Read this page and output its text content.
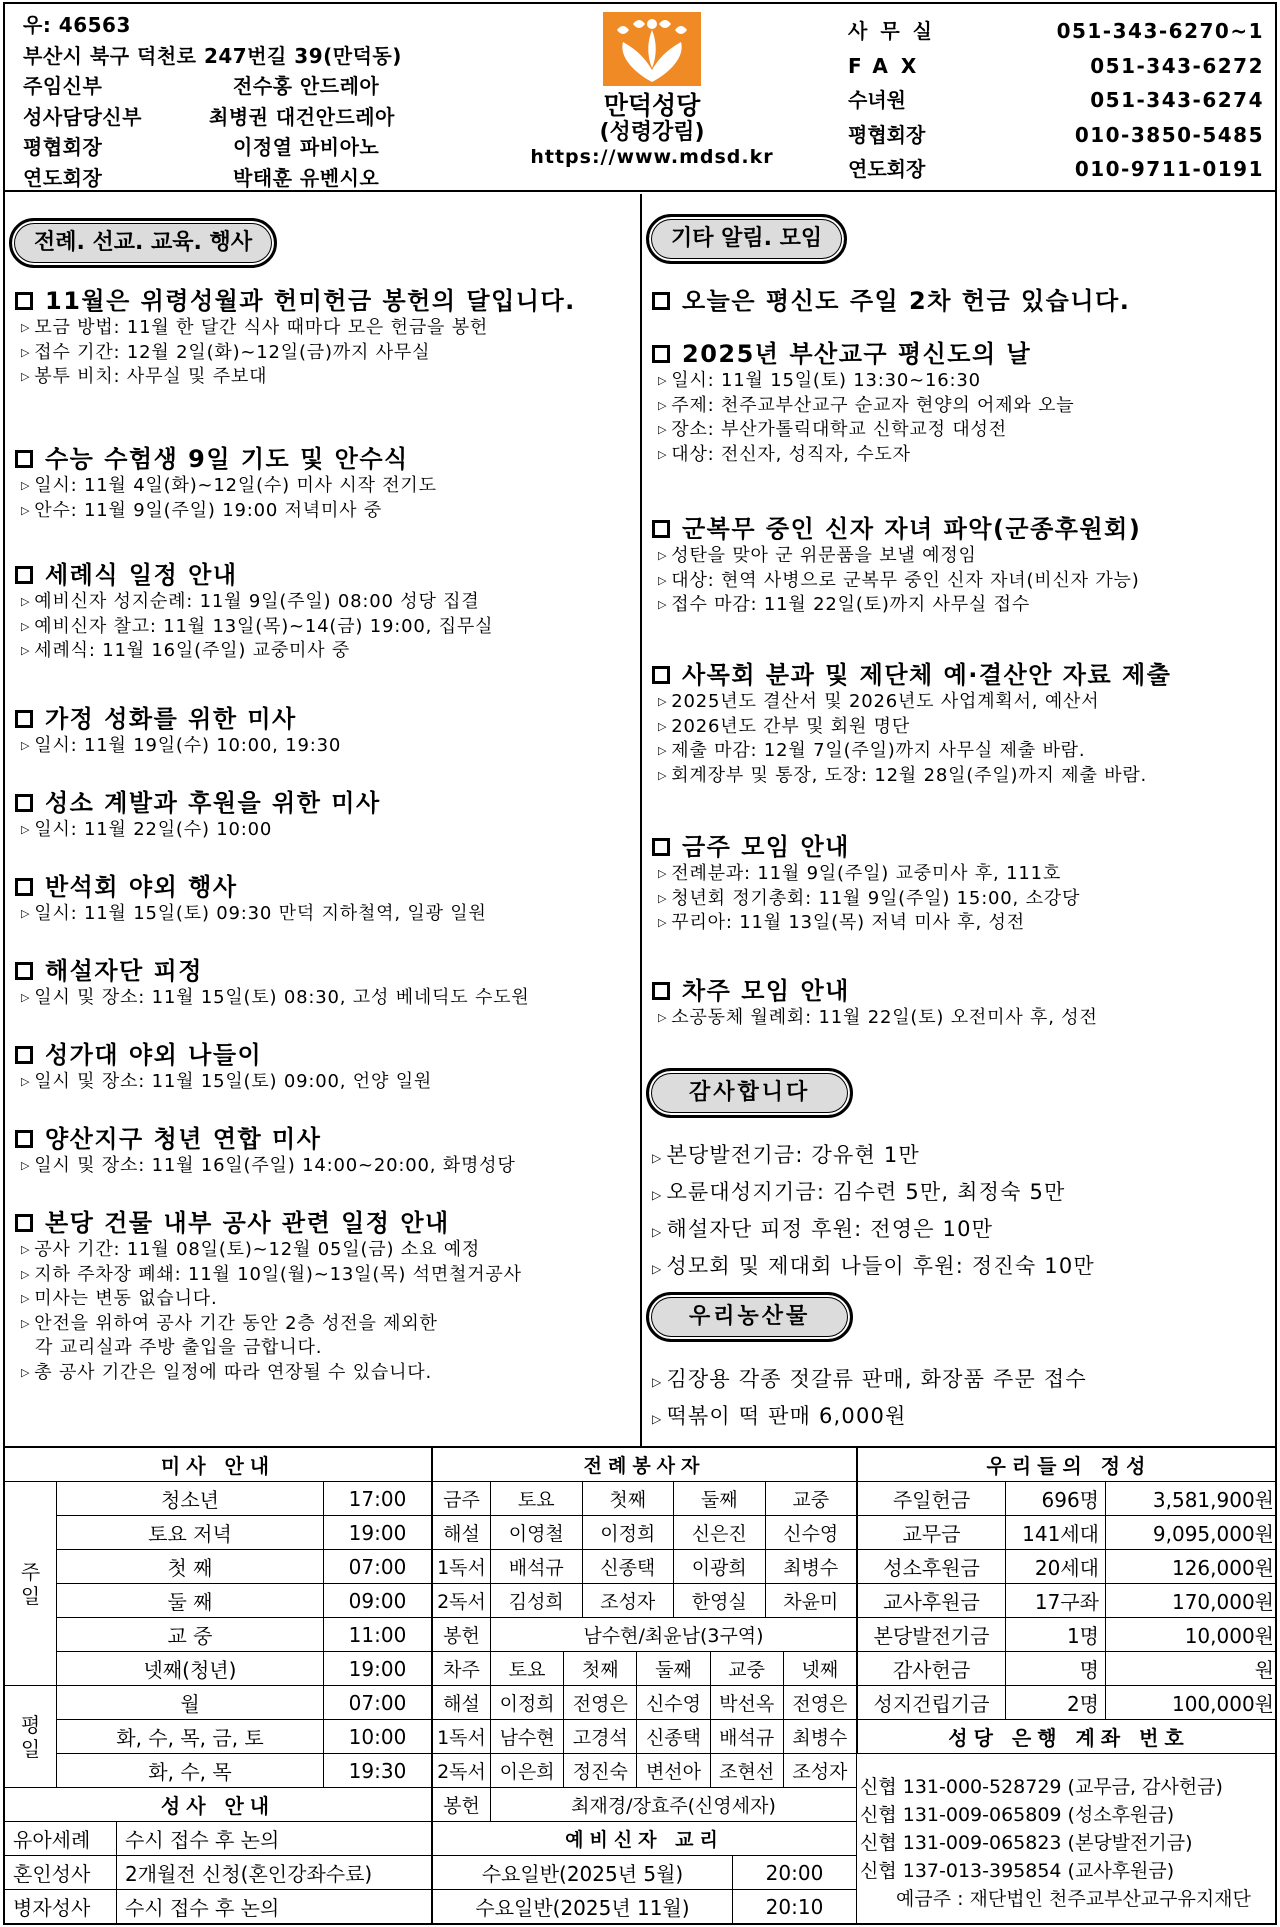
우: 46563
부산시 북구 덕천로 247번길 39(만덕동)
주임신부	전수홍 안드레아
성사담당신부	최병권 대건안드레아
평협회장	이정열 파비아노
연도회장	박태훈 유벤시오
만덕성당
(성령강림)
https://www.mdsd.kr
사무실	051-343-6270~1
FAX	051-343-6272
수녀원	051-343-6274
평협회장	010-3850-5485
연도회장	010-9711-0191
전례. 선교. 교육. 행사
11월은 위령성월과 헌미헌금 봉헌의 달입니다.
▷ 모금 방법: 11월 한 달간 식사 때마다 모은 헌금을 봉헌
▷ 접수 기간: 12월 2일(화)~12일(금)까지 사무실
▷ 봉투 비치: 사무실 및 주보대
수능 수험생 9일 기도 및 안수식
▷ 일시: 11월 4일(화)~12일(수) 미사 시작 전기도
▷ 안수: 11월 9일(주일) 19:00 저녁미사 중
세례식 일정 안내
▷ 예비신자 성지순례: 11월 9일(주일) 08:00 성당 집결
▷ 예비신자 찰고: 11월 13일(목)~14(금) 19:00, 집무실
▷ 세례식: 11월 16일(주일) 교중미사 중
가정 성화를 위한 미사
▷ 일시: 11월 19일(수) 10:00, 19:30
성소 계발과 후원을 위한 미사
▷ 일시: 11월 22일(수) 10:00
반석회 야외 행사
▷ 일시: 11월 15일(토) 09:30 만덕 지하철역, 일광 일원
해설자단 피정
▷ 일시 및 장소: 11월 15일(토) 08:30, 고성 베네딕도 수도원
성가대 야외 나들이
▷ 일시 및 장소: 11월 15일(토) 09:00, 언양 일원
양산지구 청년 연합 미사
▷ 일시 및 장소: 11월 16일(주일) 14:00~20:00, 화명성당
본당 건물 내부 공사 관련 일정 안내
▷ 공사 기간: 11월 08일(토)~12월 05일(금) 소요 예정
▷ 지하 주차장 폐쇄: 11월 10일(월)~13일(목) 석면철거공사
▷ 미사는 변동 없습니다.
▷ 안전을 위하여 공사 기간 동안 2층 성전을 제외한
각 교리실과 주방 출입을 금합니다.
▷ 총 공사 기간은 일정에 따라 연장될 수 있습니다.
기타 알림. 모임
오늘은 평신도 주일 2차 헌금 있습니다.
2025년 부산교구 평신도의 날
▷ 일시: 11월 15일(토) 13:30~16:30
▷ 주제: 천주교부산교구 순교자 현양의 어제와 오늘
▷ 장소: 부산가톨릭대학교 신학교정 대성전
▷ 대상: 전신자, 성직자, 수도자
군복무 중인 신자 자녀 파악(군종후원회)
▷ 성탄을 맞아 군 위문품을 보낼 예정임
▷ 대상: 현역 사병으로 군복무 중인 신자 자녀(비신자 가능)
▷ 접수 마감: 11월 22일(토)까지 사무실 접수
사목회 분과 및 제단체 예·결산안 자료 제출
▷ 2025년도 결산서 및 2026년도 사업계획서, 예산서
▷ 2026년도 간부 및 회원 명단
▷ 제출 마감: 12월 7일(주일)까지 사무실 제출 바람.
▷ 회계장부 및 통장, 도장: 12월 28일(주일)까지 제출 바람.
금주 모임 안내
▷ 전례분과: 11월 9일(주일) 교중미사 후, 111호
▷ 청년회 정기총회: 11월 9일(주일) 15:00, 소강당
▷ 꾸리아: 11월 13일(목) 저녁 미사 후, 성전
차주 모임 안내
▷ 소공동체 월례회: 11월 22일(토) 오전미사 후, 성전
감사합니다
▷ 본당발전기금: 강유현 1만
▷ 오륜대성지기금: 김수련 5만, 최정숙 5만
▷ 해설자단 피정 후원: 전영은 10만
▷ 성모회 및 제대회 나들이 후원: 정진숙 10만
우리농산물
▷ 김장용 각종 젓갈류 판매, 화장품 주문 접수
▷ 떡볶이 떡 판매 6,000원
미사 안내		
주일	청소년	17:00
	토요 저녁	19:00
	첫 째	07:00
	둘 째	09:00
	교 중	11:00
	넷째(청년)	19:00
평일	월	07:00
	화, 수, 목, 금, 토	10:00
	화, 수, 목	19:30
성사 안내		
유아세례	수시 접수 후 논의
혼인성사	2개월전 신청(혼인강좌수료)
병자성사	수시 접수 후 논의
전례봉사자				
금주	토요	첫째	둘째	교중
해설	이영철	이정희	신은진	신수영
1독서	배석규	신종택	이광희	최병수
2독서	김성희	조성자	한영실	차윤미
봉헌	남수현/최윤남(3구역)			
차주	토요	첫째	둘째	교중	넷째
해설	이정희	전영은	신수영	박선옥	전영은
1독서	남수현	고경석	신종택	배석규	최병수
2독서	이은희	정진숙	변선아	조현선	조성자
봉헌	최재경/장효주(신영세자)				
예비신자 교리					
수요일반(2025년 5월)	20:00
수요일반(2025년 11월)	20:10
우리들의 정성		
주일헌금	696명	3,581,900원
교무금	141세대	9,095,000원
성소후원금	20세대	126,000원
교사후원금	17구좌	170,000원
본당발전기금	1명	10,000원
감사헌금	명	원
성지건립기금	2명	100,000원
성당 은행 계좌 번호		
신협 131-000-528729 (교무금, 감사헌금)
신협 131-009-065809 (성소후원금)
신협 131-009-065823 (본당발전기금)
신협 137-013-395854 (교사후원금)
예금주 : 재단법인 천주교부산교구유지재단
